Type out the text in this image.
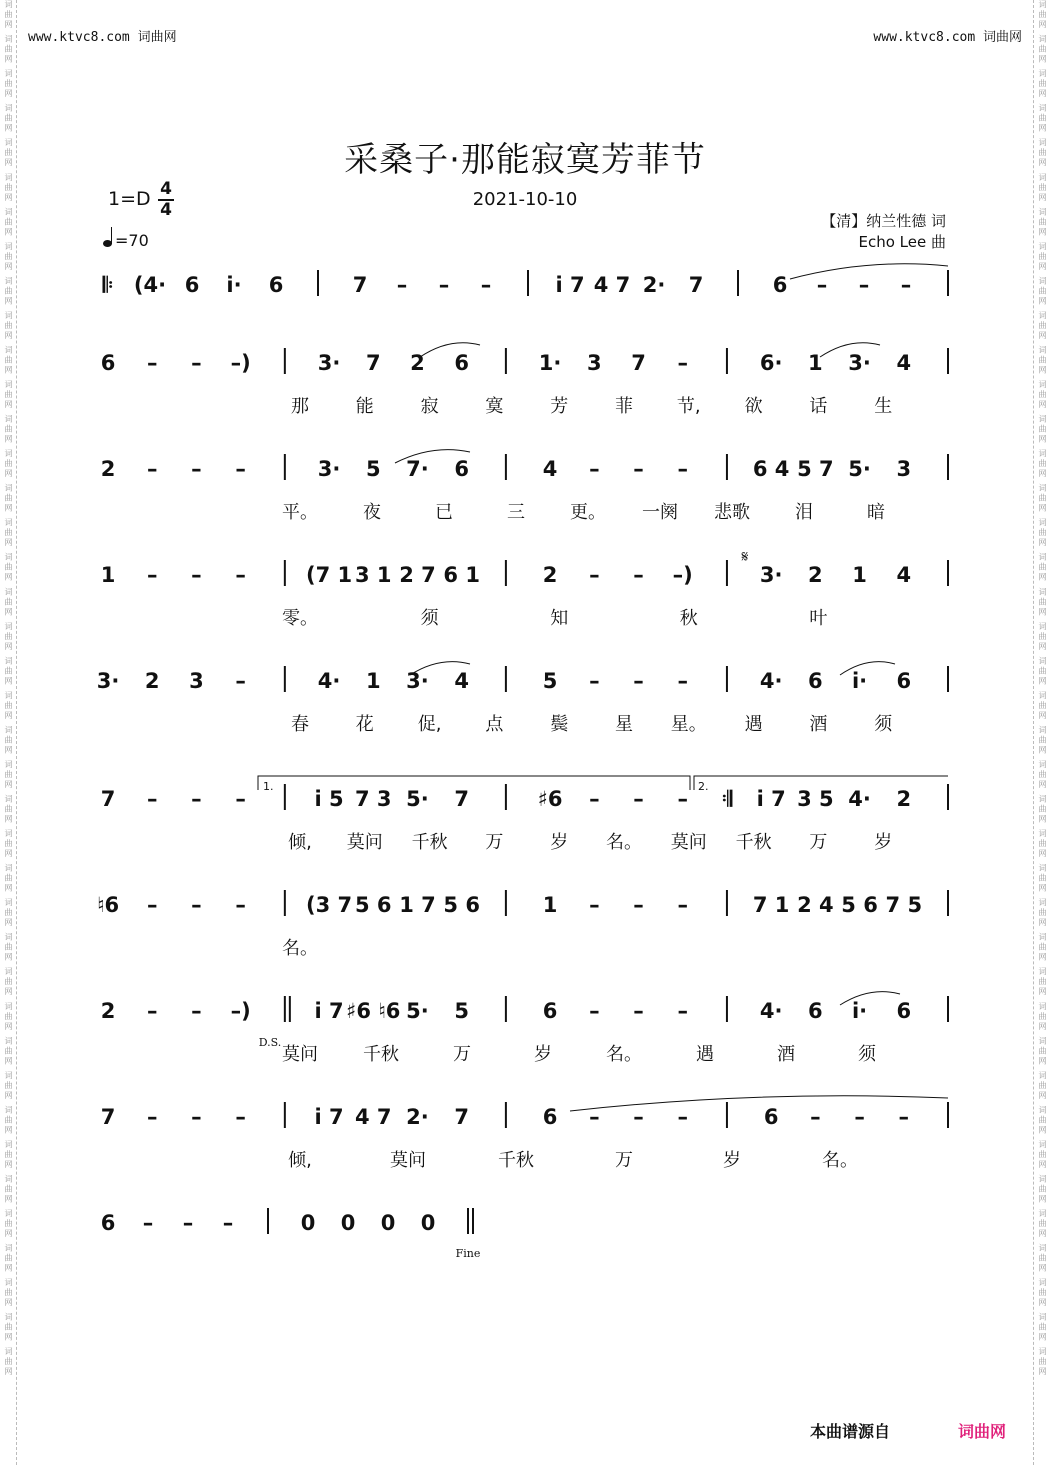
词曲网 词曲网 词曲网 词曲网 词曲网 词曲网 词曲网 词曲网 词曲网 词曲网 词曲网 词曲网 词曲网 词曲网 词曲网 词曲网 词曲网 词曲网 词曲网 词曲网 词曲网 词曲网 词曲网 词曲网 词曲网 词曲网 词曲网 词曲网 词曲网 词曲网 词曲网 词曲网 词曲网 词曲网 词曲网 词曲网 词曲网 词曲网 词曲网 词曲网	词曲网 词曲网 词曲网 词曲网 词曲网 词曲网 词曲网 词曲网 词曲网 词曲网 词曲网 词曲网 词曲网 词曲网 词曲网 词曲网 词曲网 词曲网 词曲网 词曲网 词曲网 词曲网 词曲网 词曲网 词曲网 词曲网 词曲网 词曲网 词曲网 词曲网 词曲网 词曲网 词曲网 词曲网 词曲网 词曲网 词曲网 词曲网 词曲网 词曲网
www.ktvc8.com 词曲网	www.ktvc8.com 词曲网
采桑子·那能寂寞芳菲节
2021-10-10
【清】纳兰性德 词
Echo Lee 曲
1=D 4
4
=70
𝄆 (4· 6 i· 6	7 – – –	i 7 4 7 2· 7	6 – – –
6 – – –)	3· 7 2 6	1· 3 7 –	6· 1 3· 4
那	能	寂	寞	芳	菲 节, 欲	话	生
2 – – –	3· 5 7· 6	4 – – –	6 4 5 7 5· 3
平。	夜	已	三	更。 一阕 悲歌	泪	暗
1 – – –	(7 1 3 1 2 7 6 1	2 – – –)	3· 2 1 4
零。	须	知	秋	叶
3· 2 3 –	4· 1 3· 4	5 – – –	4· 6 i· 6
春	花 促, 点	鬓	星 星。 遇	酒	须
7 – – –	i 5 7 3 5· 7	♯6 – – – 𝄇 i 7 3 5 4· 2
倾, 莫问 千秋 万	岁 名。 莫问 千秋 万	岁
♮6 – – –	(3 7 5 6 1 7 5 6	1 – – –	7 1 2 4 5 6 7 5
名。
2 – – –)	i 7 ♯6 ♮6 5· 5	6 – – –	4· 6 i· 6
莫问	千秋	万	岁	名。	遇	酒	须
7 – – –	i 7 4 7 2· 7	6 – – –	6 – – –
倾,	莫问	千秋	万	岁	名。
6 – – –	0 0 0 0
𝄋
1.	2.
D.S.
Fine
本曲谱源自	词曲网
